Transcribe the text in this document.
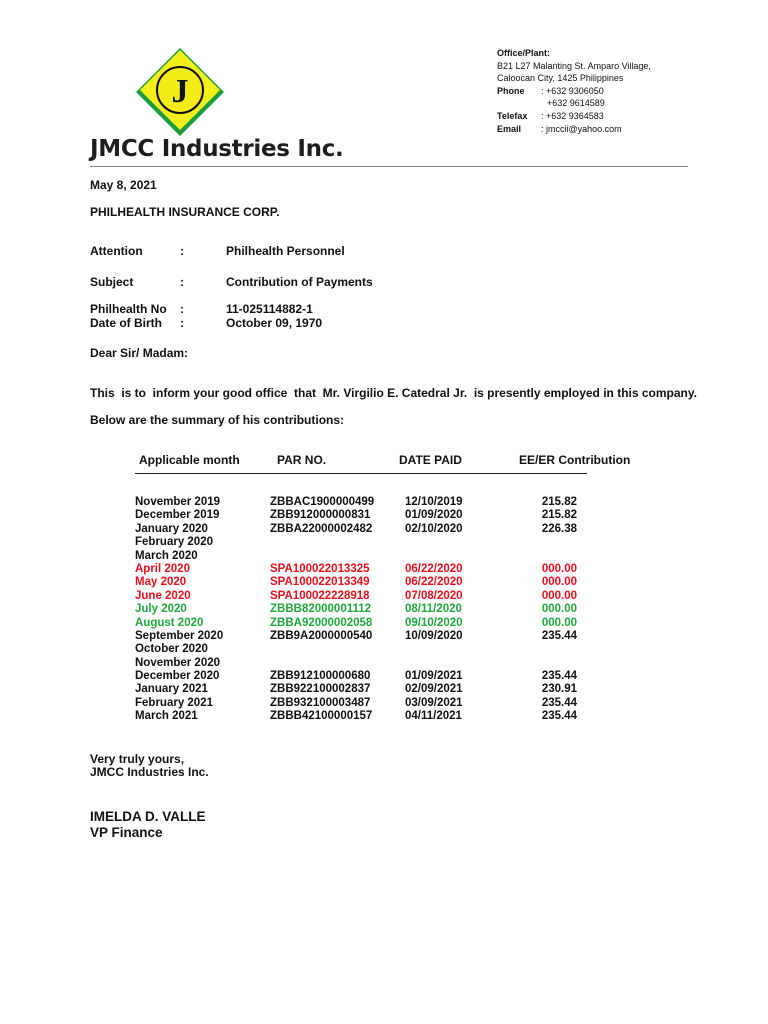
J
JMCC Industries Inc.
Office/Plant:
B21 L27 Malanting St. Amparo Village,
Caloocan City, 1425 Philippines
Phone	: +632 9306050
+632 9614589
Telefax	: +632 9364583
Email	: jmccii@yahoo.com
May 8, 2021
PHILHEALTH INSURANCE CORP.
Attention	:	Philhealth Personnel
Subject	:	Contribution of Payments
Philhealth No	:	11-025114882-1
Date of Birth	:	October 09, 1970
Dear Sir/ Madam:
This  is to  inform your good office  that  Mr. Virgilio E. Catedral Jr.  is presently employed in this company.
Below are the summary of his contributions:
Applicable month	PAR NO.	DATE PAID	EE/ER Contribution
November 2019	ZBBAC1900000499	12/10/2019	215.82
December 2019	ZBB912000000831	01/09/2020	215.82
January 2020	ZBBA22000002482	02/10/2020	226.38
February 2020
March 2020
April 2020	SPA100022013325	06/22/2020	000.00
May 2020	SPA100022013349	06/22/2020	000.00
June 2020	SPA100022228918	07/08/2020	000.00
July 2020	ZBBB82000001112	08/11/2020	000.00
August 2020	ZBBA92000002058	09/10/2020	000.00
September 2020	ZBB9A2000000540	10/09/2020	235.44
October 2020
November 2020
December 2020	ZBB912100000680	01/09/2021	235.44
January 2021	ZBB922100002837	02/09/2021	230.91
February 2021	ZBB932100003487	03/09/2021	235.44
March 2021	ZBBB42100000157	04/11/2021	235.44
Very truly yours,
JMCC Industries Inc.
IMELDA D. VALLE
VP Finance
